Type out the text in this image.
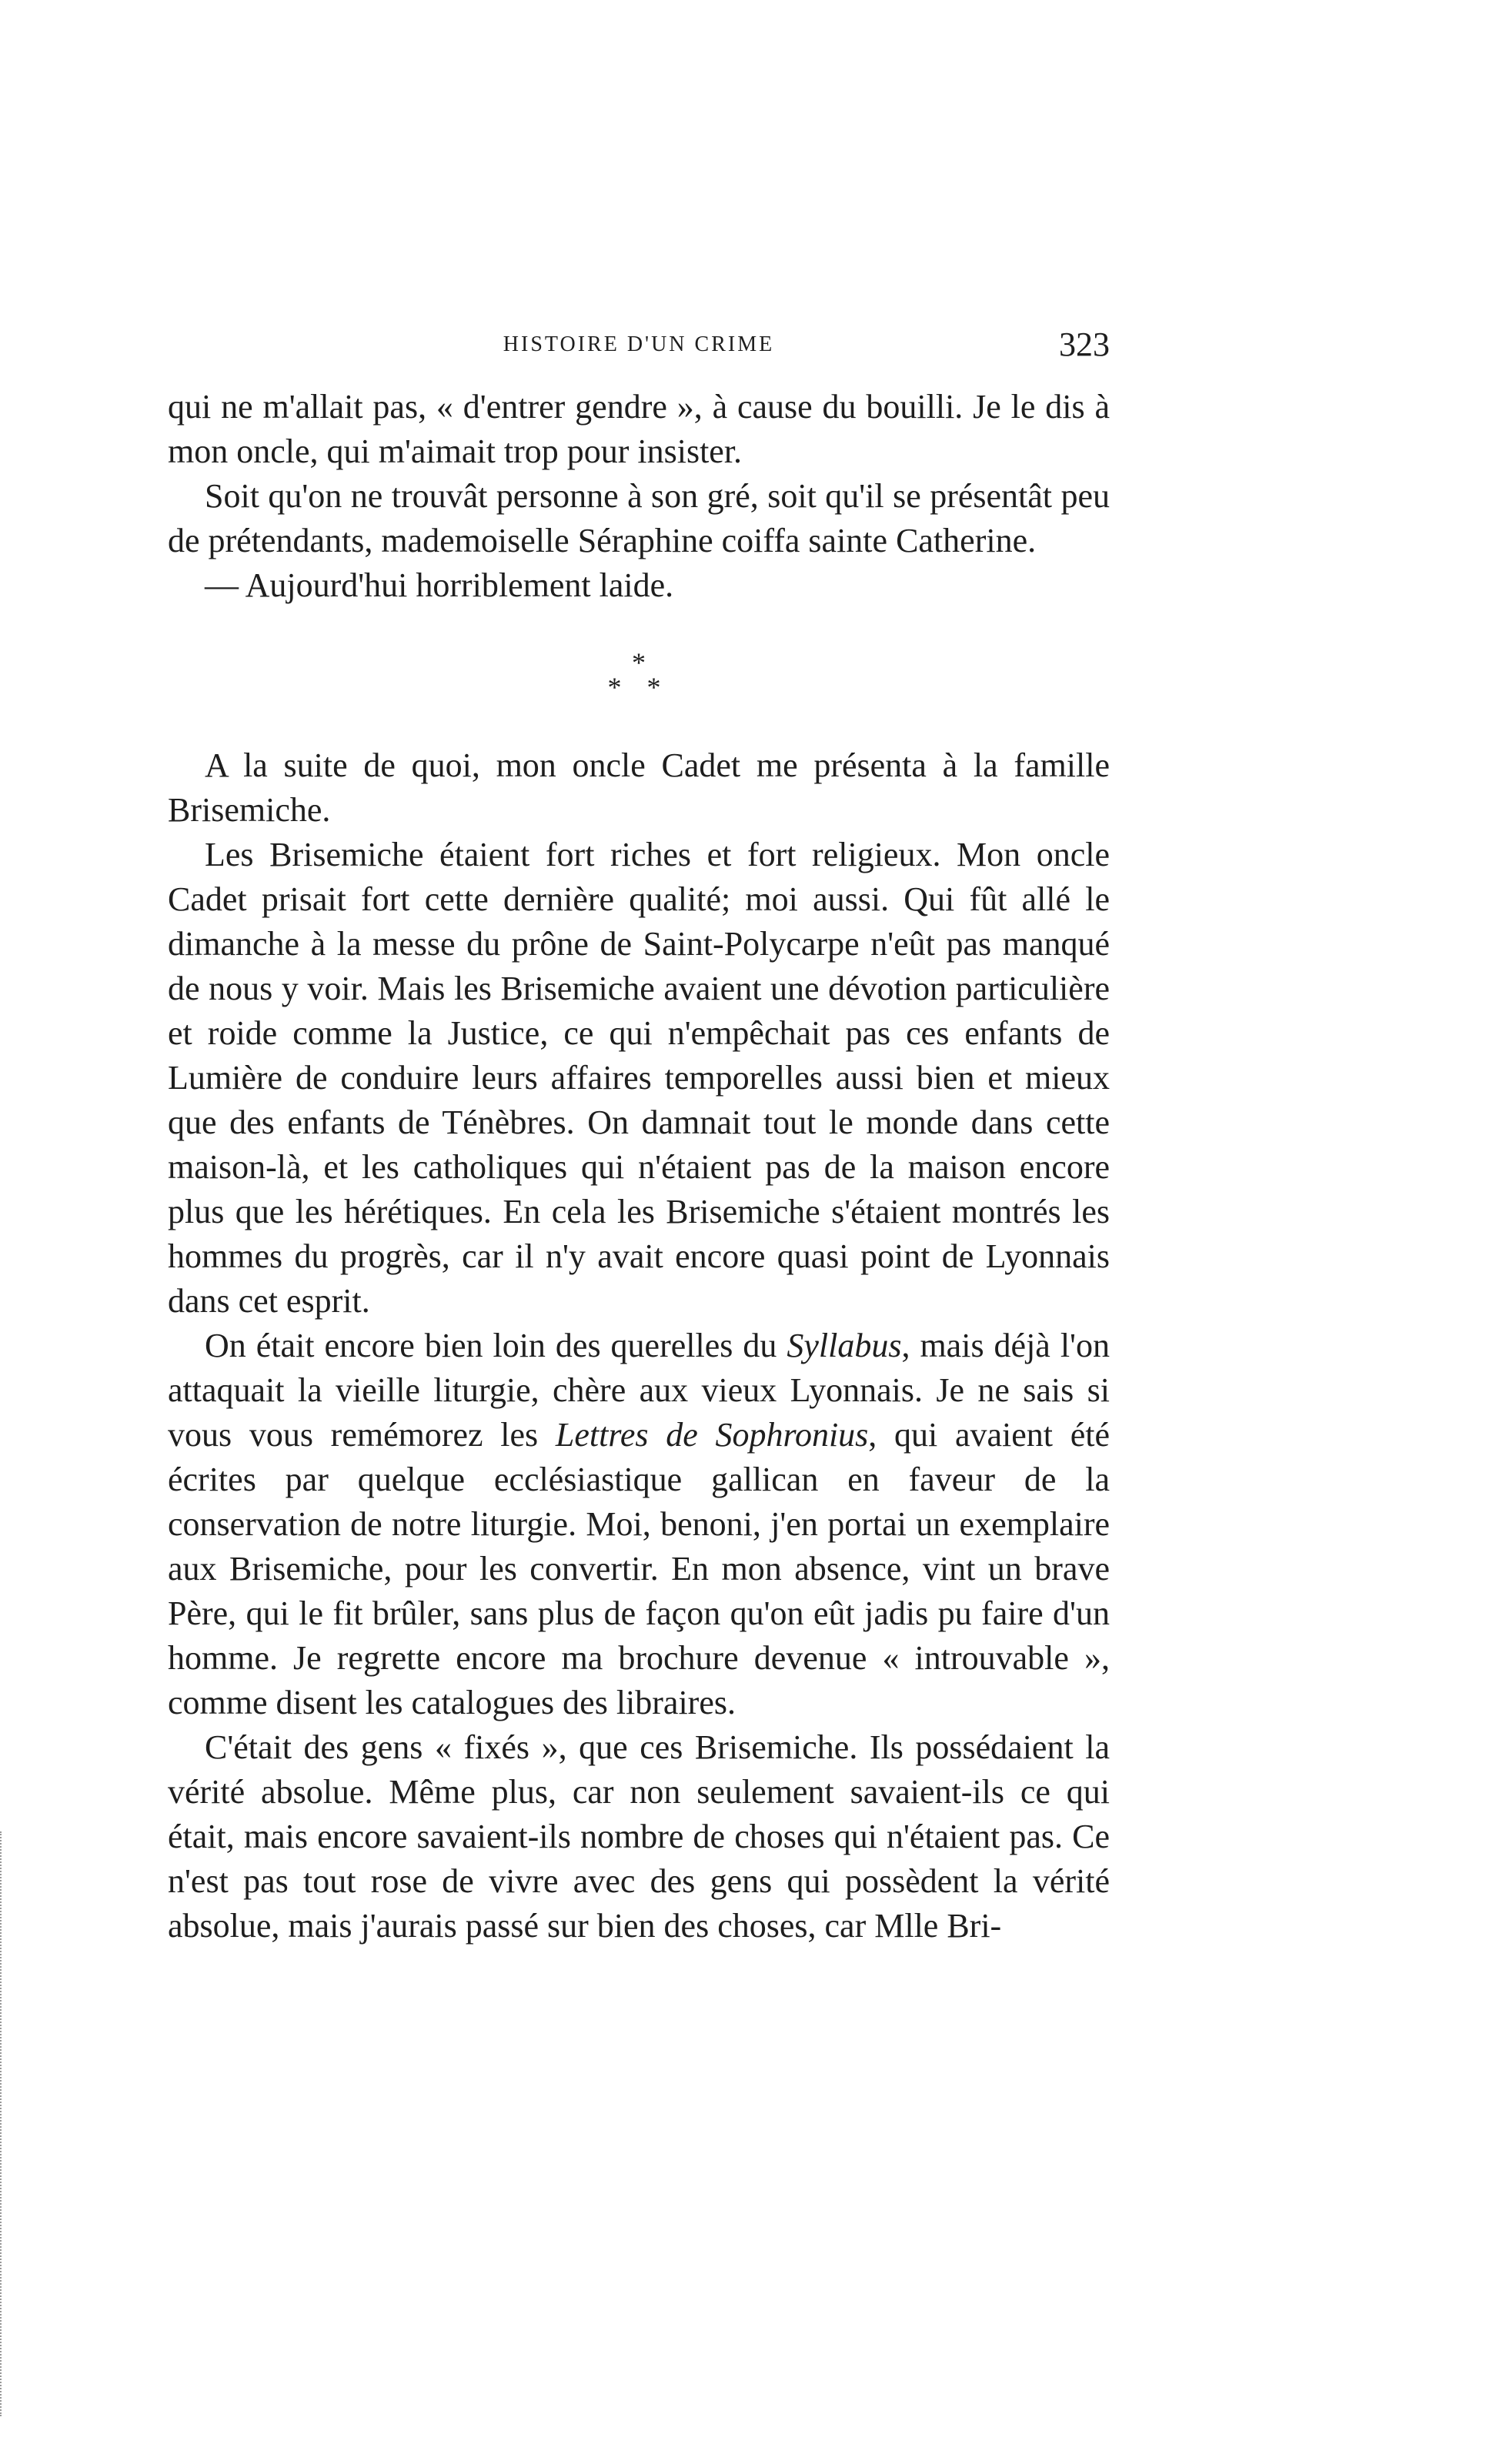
HISTOIRE D'UN CRIME	323

qui ne m'allait pas, « d'entrer gendre », à cause du bouilli. Je le dis à mon oncle, qui m'aimait trop pour insister.

Soit qu'on ne trouvât personne à son gré, soit qu'il se présentât peu de prétendants, mademoiselle Séraphine coiffa sainte Catherine.

— Aujourd'hui horriblement laide.

*
* *

A la suite de quoi, mon oncle Cadet me présenta à la famille Brisemiche.

Les Brisemiche étaient fort riches et fort religieux. Mon oncle Cadet prisait fort cette dernière qualité; moi aussi. Qui fût allé le dimanche à la messe du prône de Saint-Polycarpe n'eût pas manqué de nous y voir. Mais les Brisemiche avaient une dévotion particulière et roide comme la Justice, ce qui n'empêchait pas ces enfants de Lumière de conduire leurs affaires temporelles aussi bien et mieux que des enfants de Ténèbres. On damnait tout le monde dans cette maison-là, et les catholiques qui n'étaient pas de la maison encore plus que les hérétiques. En cela les Brisemiche s'étaient montrés les hommes du progrès, car il n'y avait encore quasi point de Lyonnais dans cet esprit.

On était encore bien loin des querelles du Syllabus, mais déjà l'on attaquait la vieille liturgie, chère aux vieux Lyonnais. Je ne sais si vous vous remémorez les Lettres de Sophronius, qui avaient été écrites par quelque ecclésiastique gallican en faveur de la conservation de notre liturgie. Moi, benoni, j'en portai un exemplaire aux Brisemiche, pour les convertir. En mon absence, vint un brave Père, qui le fit brûler, sans plus de façon qu'on eût jadis pu faire d'un homme. Je regrette encore ma brochure devenue « introuvable », comme disent les catalogues des libraires.

C'était des gens « fixés », que ces Brisemiche. Ils possédaient la vérité absolue. Même plus, car non seulement savaient-ils ce qui était, mais encore savaient-ils nombre de choses qui n'étaient pas. Ce n'est pas tout rose de vivre avec des gens qui possèdent la vérité absolue, mais j'aurais passé sur bien des choses, car Mlle Bri-
